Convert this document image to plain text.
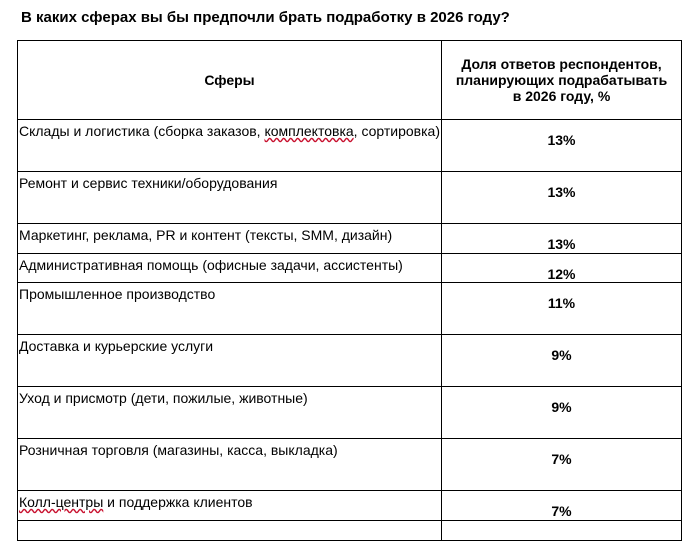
В каких сферах вы бы предпочли брать подработку в 2026 году?
Сферы	Доля ответов респондентов, планирующих подрабатывать в 2026 году, %
Склады и логистика (сборка заказов, комплектовка, сортировка)	13%
Ремонт и сервис техники/оборудования	13%
Маркетинг, реклама, PR и контент (тексты, SMM, дизайн)	13%
Административная помощь (офисные задачи, ассистенты)	12%
Промышленное производство	11%
Доставка и курьерские услуги	9%
Уход и присмотр (дети, пожилые, животные)	9%
Розничная торговля (магазины, касса, выкладка)	7%
Колл-центры и поддержка клиентов	7%
